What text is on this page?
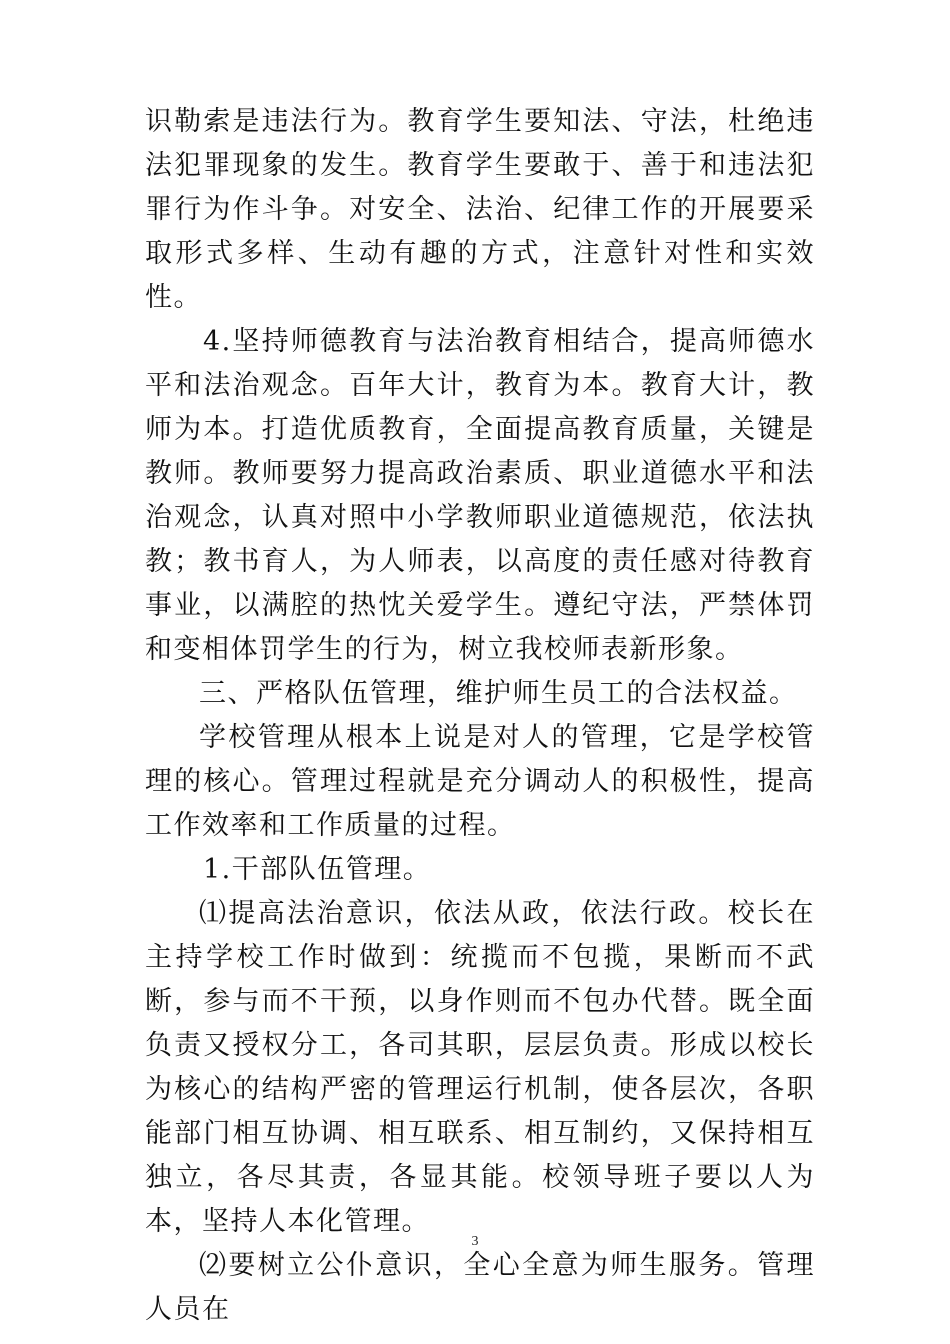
识勒索是违法行为。教育学生要知法、守法，杜绝违法犯罪现象的发生。教育学生要敢于、善于和违法犯罪行为作斗争。对安全、法治、纪律工作的开展要采取形式多样、生动有趣的方式，注意针对性和实效性。

4.坚持师德教育与法治教育相结合，提高师德水平和法治观念。百年大计，教育为本。教育大计，教师为本。打造优质教育，全面提高教育质量，关键是教师。教师要努力提高政治素质、职业道德水平和法治观念，认真对照中小学教师职业道德规范，依法执教；教书育人，为人师表，以高度的责任感对待教育事业，以满腔的热忱关爱学生。遵纪守法，严禁体罚和变相体罚学生的行为，树立我校师表新形象。

三、严格队伍管理，维护师生员工的合法权益。

学校管理从根本上说是对人的管理，它是学校管理的核心。管理过程就是充分调动人的积极性，提高工作效率和工作质量的过程。

1.干部队伍管理。

⑴提高法治意识，依法从政，依法行政。校长在主持学校工作时做到：统揽而不包揽，果断而不武断，参与而不干预，以身作则而不包办代替。既全面负责又授权分工，各司其职，层层负责。形成以校长为核心的结构严密的管理运行机制，使各层次，各职能部门相互协调、相互联系、相互制约，又保持相互独立，各尽其责，各显其能。校领导班子要以人为本，坚持人本化管理。

⑵要树立公仆意识，全心全意为师生服务。管理人员在

3
